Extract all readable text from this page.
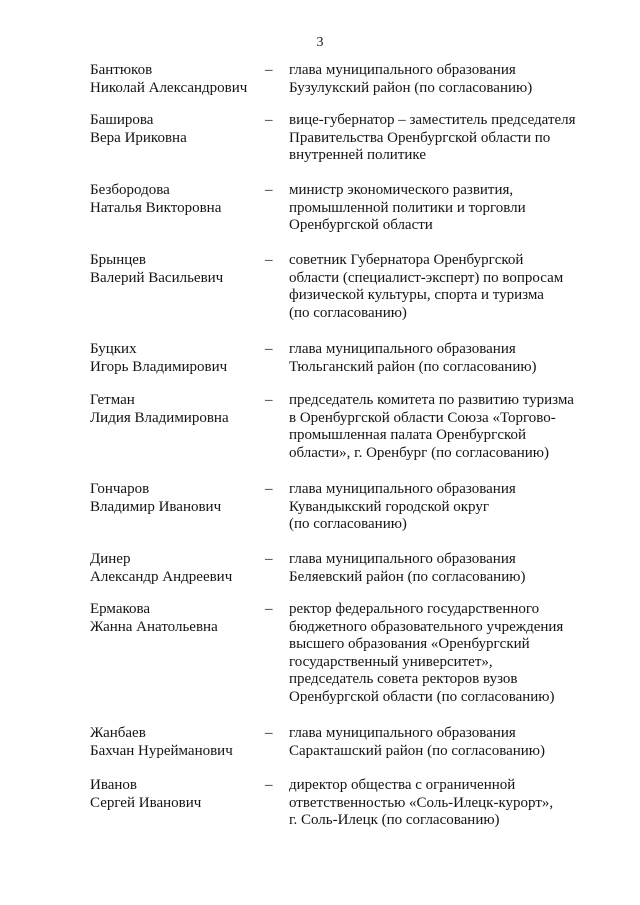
3
Бантюков
Николай Александрович
–	глава муниципального образования
Бузулукский район (по согласованию)
Баширова
Вера Ириковна
–	вице-губернатор – заместитель председателя
Правительства Оренбургской области по
внутренней политике
Безбородова
Наталья Викторовна
–	министр экономического развития,
промышленной политики и торговли
Оренбургской области
Брынцев
Валерий Васильевич
–	советник Губернатора Оренбургской
области (специалист-эксперт) по вопросам
физической культуры, спорта и туризма
(по согласованию)
Буцких
Игорь Владимирович
–	глава муниципального образования
Тюльганский район (по согласованию)
Гетман
Лидия Владимировна
–	председатель комитета по развитию туризма
в Оренбургской области Союза «Торгово-
промышленная палата Оренбургской
области», г. Оренбург (по согласованию)
Гончаров
Владимир Иванович
–	глава муниципального образования
Кувандыкский городской округ
(по согласованию)
Динер
Александр Андреевич
–	глава муниципального образования
Беляевский район (по согласованию)
Ермакова
Жанна Анатольевна
–	ректор федерального государственного
бюджетного образовательного учреждения
высшего образования «Оренбургский
государственный университет»,
председатель совета ректоров вузов
Оренбургской области (по согласованию)
Жанбаев
Бахчан Нурейманович
–	глава муниципального образования
Саракташский район (по согласованию)
Иванов
Сергей Иванович
–	директор общества с ограниченной
ответственностью «Соль-Илецк-курорт»,
г. Соль-Илецк (по согласованию)
